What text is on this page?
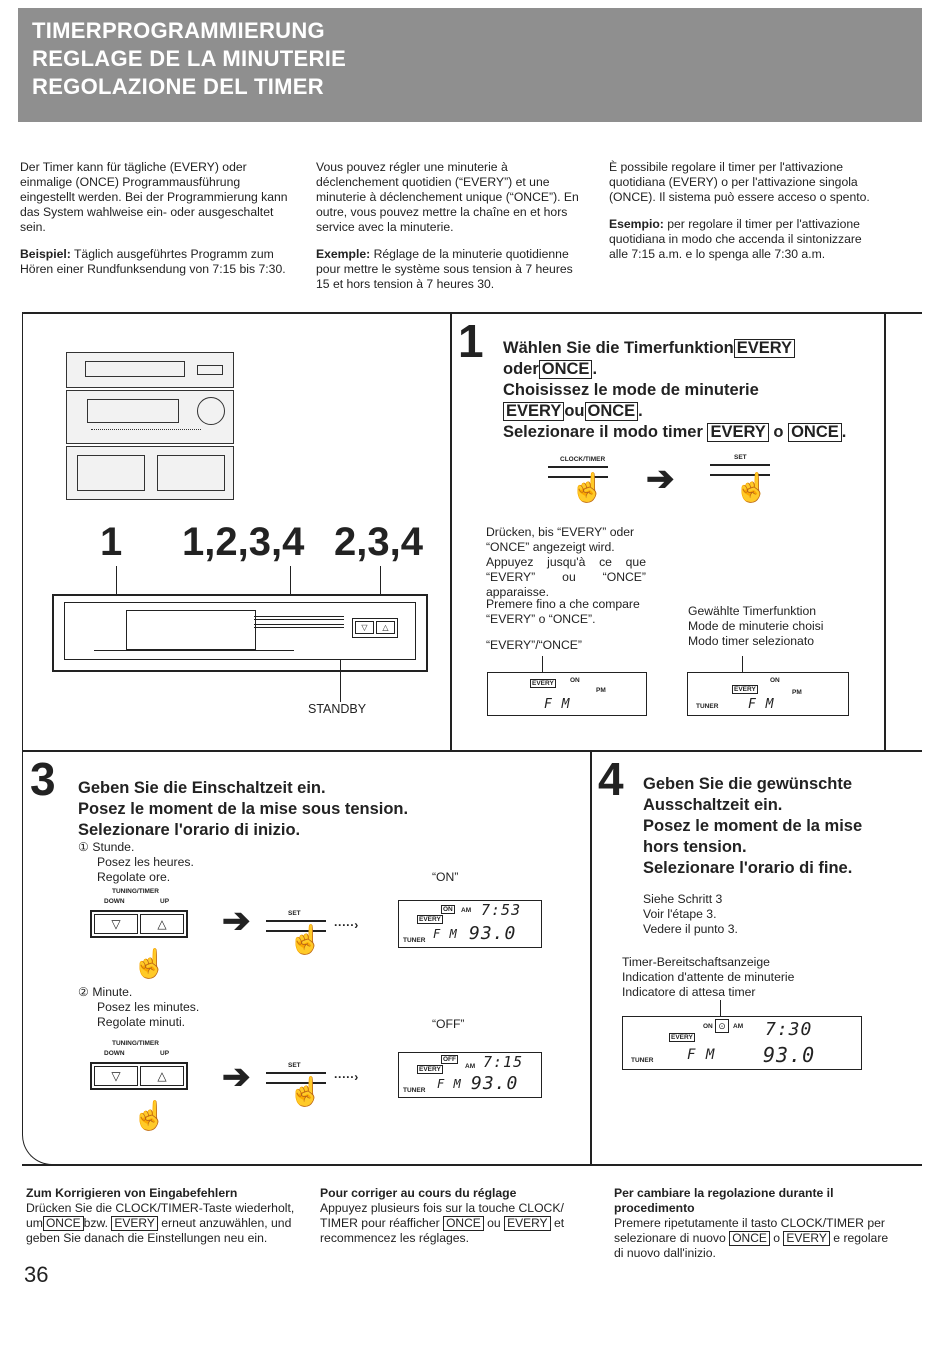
TIMERPROGRAMMIERUNG
REGLAGE DE LA MINUTERIE
REGOLAZIONE DEL TIMER

Der Timer kann für tägliche (EVERY) oder einmalige (ONCE) Programmausführung eingestellt werden. Bei der Programmierung kann das System wahlweise ein- oder ausgeschaltet sein.

Beispiel: Täglich ausgeführtes Programm zum Hören einer Rundfunksendung von 7:15 bis 7:30.

Vous pouvez régler une minuterie à déclenchement quotidien (“EVERY”) et une minuterie à déclenchement unique (“ONCE”). En outre, vous pouvez mettre la chaîne en et hors service avec la minuterie.

Exemple: Réglage de la minuterie quotidienne pour mettre le système sous tension à 7 heures 15 et hors tension à 7 heures 30.

È possibile regolare il timer per l'attivazione quotidiana (EVERY) o per l'attivazione singola (ONCE). Il sistema può essere acceso o spento.

Esempio: per regolare il timer per l'attivazione quotidiana in modo che accenda il sintonizzare alle 7:15 a.m. e lo spenga alle 7:30 a.m.

1 1,2,3,4 2,3,4
▽	△
STANDBY
1 Wählen Sie die Timerfunktion EVERY
oder ONCE .
Choisissez le mode de minuterie
EVERY ou ONCE .
Selezionare il modo timer EVERY o ONCE .
CLOCK/TIMER
☝ ➔
SET
☝
Drücken, bis “EVERY” oder “ONCE” angezeigt wird.
Appuyez jusqu'à ce que “EVERY” ou “ONCE” apparaisse.
Premere fino a che compare “EVERY” o “ONCE”.
“EVERY”/“ONCE”
Gewählte Timerfunktion
Mode de minuterie choisi
Modo timer selezionato
EVERY	ON
PM
F M
EVERY
ON
PM
TUNER F M
3 Geben Sie die Einschaltzeit ein.
Posez le moment de la mise sous tension.
Selezionare l'orario di inizio.
① Stunde.
Posez les heures.
Regolate ore.
TUNING/TIMER
DOWN	UP
▽	△
☝
➔	SET
☝ ·····›
“ON”
EVERY
ON	AM 7:53
TUNER F M 93.0
② Minute.
Posez les minutes.
Regolate minuti.
TUNING/TIMER
DOWN	UP
▽	△
☝
➔	SET
☝ ·····›
“OFF”
EVERY
OFF
AM 7:15
TUNER F M 93.0
4 Geben Sie die gewünschte Ausschaltzeit ein.
Posez le moment de la mise hors tension.
Selezionare l'orario di fine.
Siehe Schritt 3
Voir l'étape 3.
Vedere il punto 3.
Timer-Bereitschaftsanzeige
Indication d'attente de minuterie
Indicatore di attesa timer
EVERY
ON ⊙	AM 7:30
TUNER F M 93.0
Zum Korrigieren von Eingabefehlern
Drücken Sie die CLOCK/TIMER-Taste wiederholt, um ONCE bzw. EVERY erneut anzuwählen, und geben Sie danach die Einstellungen neu ein.
Pour corriger au cours du réglage
Appuyez plusieurs fois sur la touche CLOCK/ TIMER pour réafficher ONCE ou EVERY et recommencez les réglages.
Per cambiare la regolazione durante il procedimento
Premere ripetutamente il tasto CLOCK/TIMER per selezionare di nuovo ONCE o EVERY e regolare di nuovo dall'inizio.
36
